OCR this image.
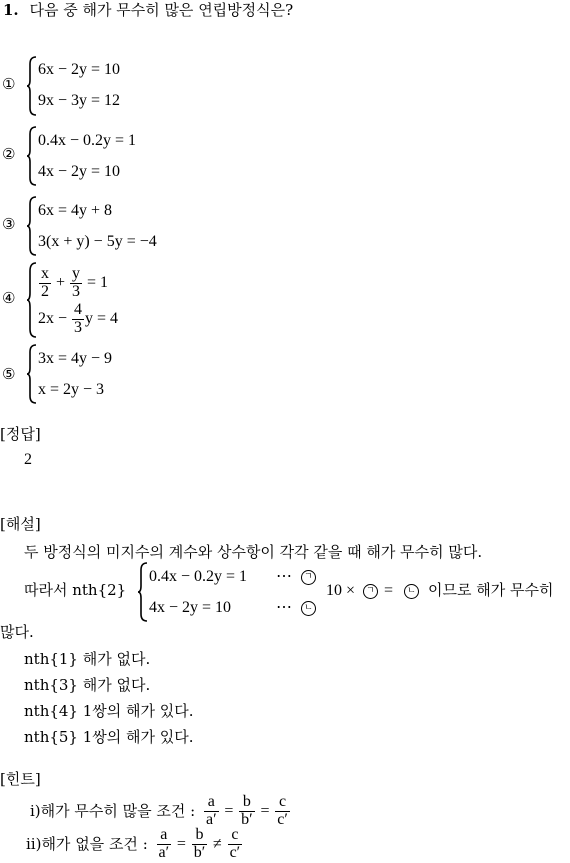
1. 다음 중 해가 무수히 많은 연립방정식은?
①
6x − 2y = 10
9x − 3y = 12
②
0.4x − 0.2y = 1
4x − 2y = 10
③
6x = 4y + 8
3(x + y) − 5y = −4
④ $\frac{x}{2} + \frac{y}{3} = 1$
$2x - \frac{4}{3}$ y = 4
⑤
3x = 4y − 9
x = 2y − 3
[정답]
2
[해설]
두 방정식의 미지수의 계수와 상수항이 각각 같을 때 해가 무수히 많다.
따라서 nth{2}
0.4x − 0.2y = 1 ⋯	ㄱ
4x − 2y = 10	⋯	ㄴ
10 ×	ㄱ =	ㄴ 이므로 해가 무수히
많다.
nth{1} 해가 없다.
nth{3} 해가 없다.
nth{4} 1쌍의 해가 있다.
nth{5} 1쌍의 해가 있다.
[힌트]
ⅰ)해가 무수히 많을 조건 : $\frac{a}{a'} = \frac{b}{b'} = \frac{c}{c'}$
ⅱ)해가 없을 조건 : $\frac{a}{a'} = \frac{b}{b'} \ne \frac{c}{c'}$
